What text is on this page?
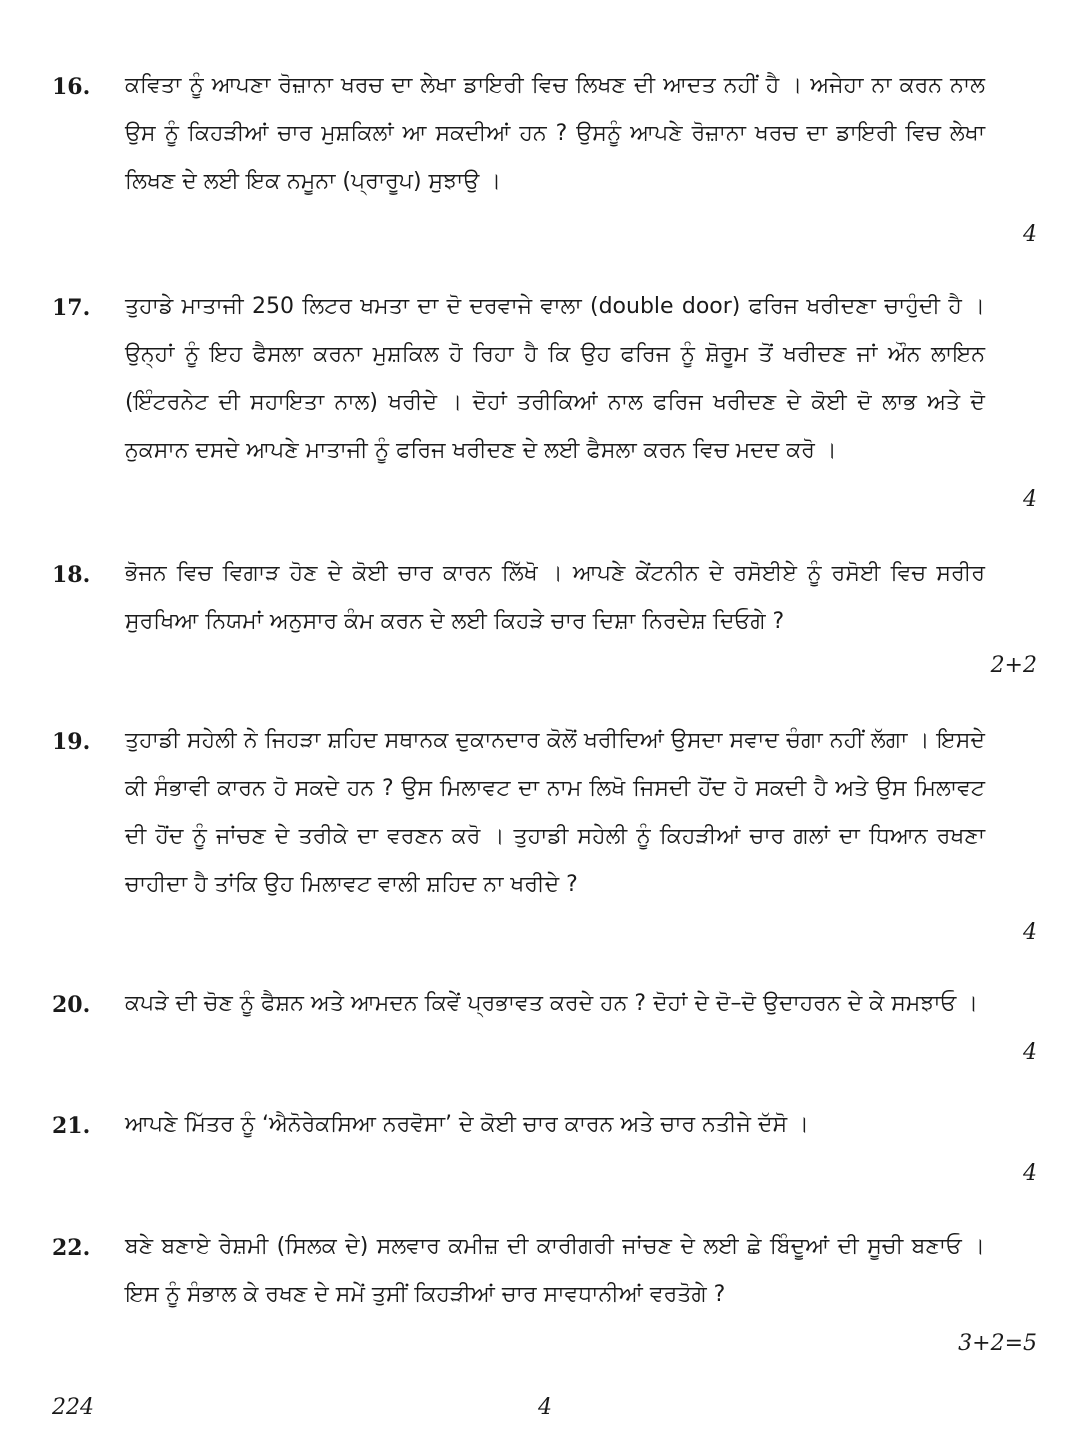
16. ਕਵਿਤਾ ਨੂੰ ਆਪਣਾ ਰੋਜ਼ਾਨਾ ਖਰਚ ਦਾ ਲੇਖਾ ਡਾਇਰੀ ਵਿਚ ਲਿਖਣ ਦੀ ਆਦਤ ਨਹੀਂ ਹੈ । ਅਜੇਹਾ ਨਾ ਕਰਨ ਨਾਲ ਉਸ ਨੂੰ ਕਿਹੜੀਆਂ ਚਾਰ ਮੁਸ਼ਕਿਲਾਂ ਆ ਸਕਦੀਆਂ ਹਨ ? ਉਸਨੂੰ ਆਪਣੇ ਰੋਜ਼ਾਨਾ ਖਰਚ ਦਾ ਡਾਇਰੀ ਵਿਚ ਲੇਖਾ ਲਿਖਣ ਦੇ ਲਈ ਇਕ ਨਮੂਨਾ (ਪ੍ਰਾਰੂਪ) ਸੁਝਾਉ ।
4
17. ਤੁਹਾਡੇ ਮਾਤਾਜੀ 250 ਲਿਟਰ ਖਮਤਾ ਦਾ ਦੋ ਦਰਵਾਜੇ ਵਾਲਾ (double door) ਫਰਿਜ ਖਰੀਦਣਾ ਚਾਹੁੰਦੀ ਹੈ । ਉਨ੍ਹਾਂ ਨੂੰ ਇਹ ਫੈਸਲਾ ਕਰਨਾ ਮੁਸ਼ਕਿਲ ਹੋ ਰਿਹਾ ਹੈ ਕਿ ਉਹ ਫਰਿਜ ਨੂੰ ਸ਼ੋਰੂਮ ਤੋਂ ਖਰੀਦਣ ਜਾਂ ਔਨ ਲਾਇਨ (ਇੰਟਰਨੇਟ ਦੀ ਸਹਾਇਤਾ ਨਾਲ) ਖਰੀਦੇ । ਦੋਹਾਂ ਤਰੀਕਿਆਂ ਨਾਲ ਫਰਿਜ ਖਰੀਦਣ ਦੇ ਕੋਈ ਦੋ ਲਾਭ ਅਤੇ ਦੋ ਨੁਕਸਾਨ ਦਸਦੇ ਆਪਣੇ ਮਾਤਾਜੀ ਨੂੰ ਫਰਿਜ ਖਰੀਦਣ ਦੇ ਲਈ ਫੈਸਲਾ ਕਰਨ ਵਿਚ ਮਦਦ ਕਰੋ ।
4
18. ਭੋਜਨ ਵਿਚ ਵਿਗਾੜ ਹੋਣ ਦੇ ਕੋਈ ਚਾਰ ਕਾਰਨ ਲਿੱਖੋ । ਆਪਣੇ ਕੇਂਟਨੀਨ ਦੇ ਰਸੋਈਏ ਨੂੰ ਰਸੋਈ ਵਿਚ ਸਰੀਰ ਸੁਰਖਿਆ ਨਿਯਮਾਂ ਅਨੁਸਾਰ ਕੰਮ ਕਰਨ ਦੇ ਲਈ ਕਿਹੜੇ ਚਾਰ ਦਿਸ਼ਾ ਨਿਰਦੇਸ਼ ਦਿਓਗੇ ?
2+2
19. ਤੁਹਾਡੀ ਸਹੇਲੀ ਨੇ ਜਿਹੜਾ ਸ਼ਹਿਦ ਸਥਾਨਕ ਦੁਕਾਨਦਾਰ ਕੋਲੋਂ ਖਰੀਦਿਆਂ ਉਸਦਾ ਸਵਾਦ ਚੰਗਾ ਨਹੀਂ ਲੱਗਾ । ਇਸਦੇ ਕੀ ਸੰਭਾਵੀ ਕਾਰਨ ਹੋ ਸਕਦੇ ਹਨ ? ਉਸ ਮਿਲਾਵਟ ਦਾ ਨਾਮ ਲਿਖੋ ਜਿਸਦੀ ਹੋਂਦ ਹੋ ਸਕਦੀ ਹੈ ਅਤੇ ਉਸ ਮਿਲਾਵਟ ਦੀ ਹੋਂਦ ਨੂੰ ਜਾਂਚਣ ਦੇ ਤਰੀਕੇ ਦਾ ਵਰਣਨ ਕਰੋ । ਤੁਹਾਡੀ ਸਹੇਲੀ ਨੂੰ ਕਿਹੜੀਆਂ ਚਾਰ ਗਲਾਂ ਦਾ ਧਿਆਨ ਰਖਣਾ ਚਾਹੀਦਾ ਹੈ ਤਾਂਕਿ ਉਹ ਮਿਲਾਵਟ ਵਾਲੀ ਸ਼ਹਿਦ ਨਾ ਖਰੀਦੇ ?
4
20. ਕਪੜੇ ਦੀ ਚੋਣ ਨੂੰ ਫੈਸ਼ਨ ਅਤੇ ਆਮਦਨ ਕਿਵੇਂ ਪ੍ਰਭਾਵਤ ਕਰਦੇ ਹਨ ? ਦੋਹਾਂ ਦੇ ਦੋ–ਦੋ ਉਦਾਹਰਨ ਦੇ ਕੇ ਸਮਝਾਓ ।
4
21. ਆਪਣੇ ਮਿੱਤਰ ਨੂੰ ‘ਐਨੋਰੇਕਸਿਆ ਨਰਵੋਸਾ’ ਦੇ ਕੋਈ ਚਾਰ ਕਾਰਨ ਅਤੇ ਚਾਰ ਨਤੀਜੇ ਦੱਸੋ ।
4
22. ਬਣੇ ਬਣਾਏ ਰੇਸ਼ਮੀ (ਸਿਲਕ ਦੇ) ਸਲਵਾਰ ਕਮੀਜ਼ ਦੀ ਕਾਰੀਗਰੀ ਜਾਂਚਣ ਦੇ ਲਈ ਛੇ ਬਿੰਦੂਆਂ ਦੀ ਸੂਚੀ ਬਣਾਓ । ਇਸ ਨੂੰ ਸੰਭਾਲ ਕੇ ਰਖਣ ਦੇ ਸਮੇਂ ਤੁਸੀਂ ਕਿਹੜੀਆਂ ਚਾਰ ਸਾਵਧਾਨੀਆਂ ਵਰਤੋਗੇ ?
3+2=5
224	4
